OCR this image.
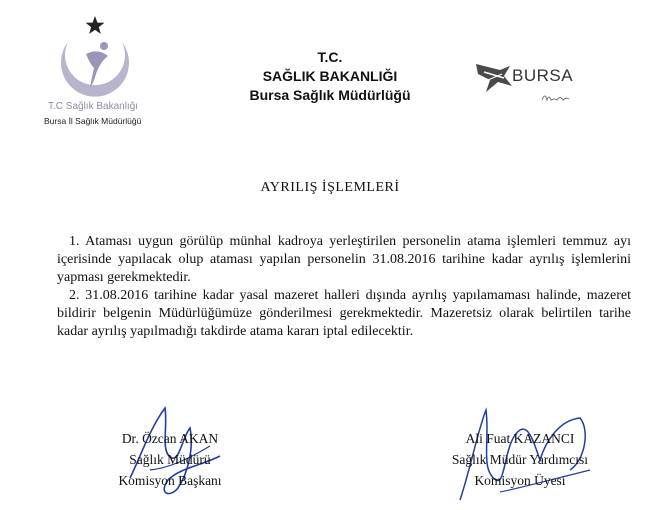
T.C Sağlık Bakanlığı
Bursa İl Sağlık Müdürlüğü
T.C.
SAĞLIK BAKANLIĞI
Bursa Sağlık Müdürlüğü
BURSA
AYRILIŞ İŞLEMLERİ

1. Ataması uygun görülüp münhal kadroya yerleştirilen personelin atama işlemleri temmuz ayı içerisinde yapılacak olup ataması yapılan personelin 31.08.2016 tarihine kadar ayrılış işlemlerini yapması gerekmektedir.

2. 31.08.2016 tarihine kadar yasal mazeret halleri dışında ayrılış yapılamaması halinde, mazeret bildirir belgenin Müdürlüğümüze gönderilmesi gerekmektedir. Mazeretsiz olarak belirtilen tarihe kadar ayrılış yapılmadığı takdirde atama kararı iptal edilecektir.

Dr. Özcan AKAN
Sağlık Müdürü
Komisyon Başkanı
Ali Fuat KAZANCI
Sağlık Müdür Yardımcısı
Komisyon Üyesi
